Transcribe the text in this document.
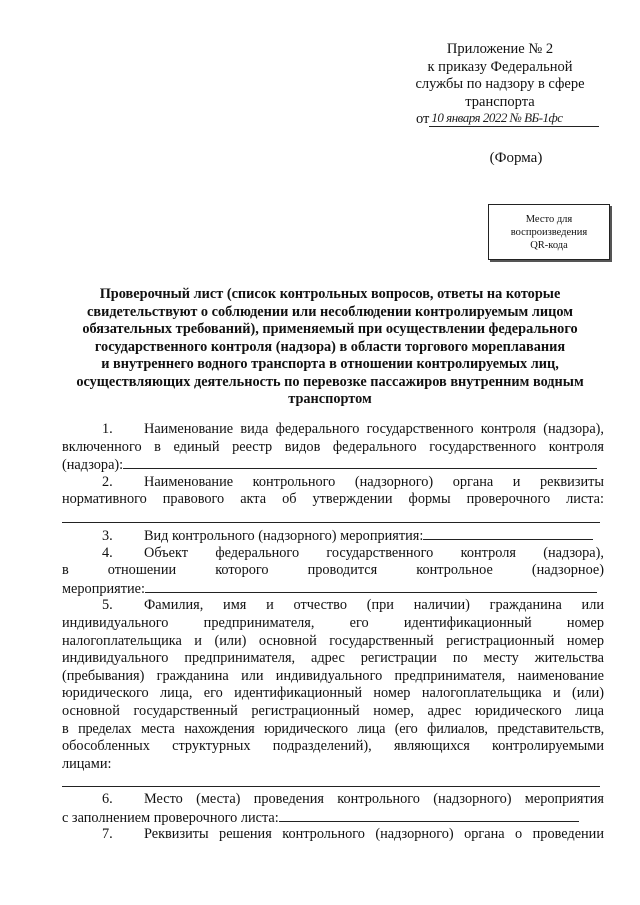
Приложение № 2
к приказу Федеральной
службы по надзору в сфере
транспорта
от 10 января 2022 № ВБ-1фс
(Форма)
Место для
воспроизведения
QR-кода
Проверочный лист (список контрольных вопросов, ответы на которые
свидетельствуют о соблюдении или несоблюдении контролируемым лицом
обязательных требований), применяемый при осуществлении федерального
государственного контроля (надзора) в области торгового мореплавания
и внутреннего водного транспорта в отношении контролируемых лиц,
осуществляющих деятельность по перевозке пассажиров внутренним водным
транспортом
1. Наименование вида федерального государственного контроля (надзора),
включенного в единый реестр видов федерального государственного контроля
(надзора):
2. Наименование контрольного (надзорного) органа и реквизиты
нормативного правового акта об утверждении формы проверочного листа:
3. Вид контрольного (надзорного) мероприятия:
4. Объект федерального государственного контроля (надзора),
в отношении которого проводится контрольное (надзорное)
мероприятие:
5. Фамилия, имя и отчество (при наличии) гражданина или
индивидуального предпринимателя, его идентификационный номер
налогоплательщика и (или) основной государственный регистрационный номер
индивидуального предпринимателя, адрес регистрации по месту жительства
(пребывания) гражданина или индивидуального предпринимателя, наименование
юридического лица, его идентификационный номер налогоплательщика и (или)
основной государственный регистрационный номер, адрес юридического лица
в пределах места нахождения юридического лица (его филиалов, представительств,
обособленных структурных подразделений), являющихся контролируемыми
лицами:
6. Место (места) проведения контрольного (надзорного) мероприятия
с заполнением проверочного листа:
7. Реквизиты решения контрольного (надзорного) органа о проведении
